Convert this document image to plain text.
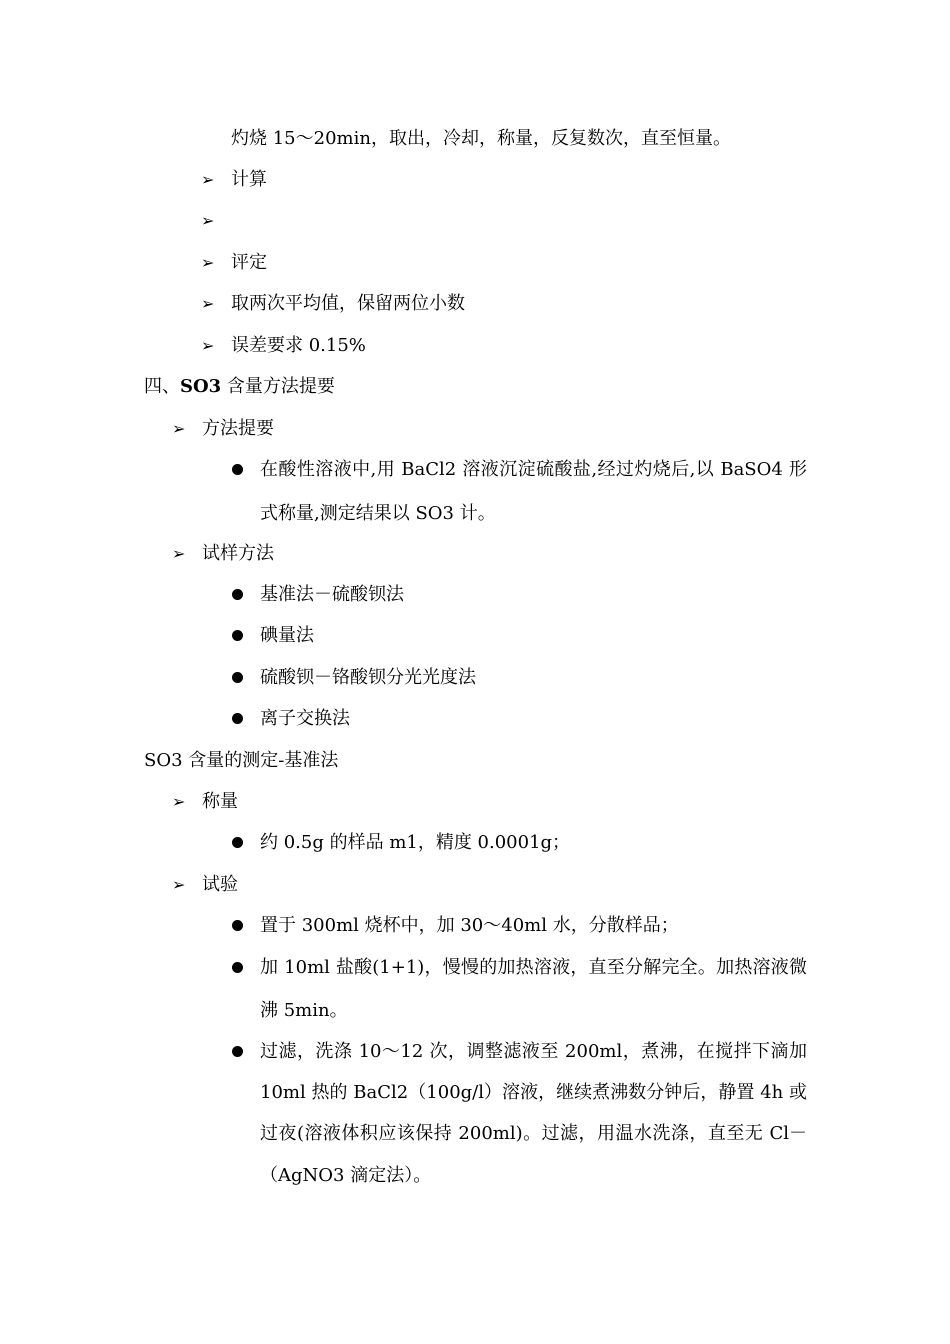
灼烧 15～20min，取出，冷却，称量，反复数次，直至恒量。
➢ 计算
➢
➢ 评定
➢ 取两次平均值，保留两位小数
➢ 误差要求 0.15%
四、SO3 含量方法提要
➢ 方法提要
在酸性溶液中,用 BaCl2 溶液沉淀硫酸盐,经过灼烧后,以 BaSO4 形
式称量,测定结果以 SO3 计。
➢ 试样方法
基准法－硫酸钡法
碘量法
硫酸钡－铬酸钡分光光度法
离子交换法
SO3 含量的测定-基准法
➢ 称量
约 0.5g 的样品 m1，精度 0.0001g；
➢ 试验
置于 300ml 烧杯中，加 30～40ml 水，分散样品；
加 10ml 盐酸(1+1)，慢慢的加热溶液，直至分解完全。加热溶液微
沸 5min。
过滤，洗涤 10～12 次，调整滤液至 200ml，煮沸，在搅拌下滴加
10ml 热的 BaCl2（100g/l）溶液，继续煮沸数分钟后，静置 4h 或
过夜(溶液体积应该保持 200ml)。过滤，用温水洗涤，直至无 Cl－
（AgNO3 滴定法）。
